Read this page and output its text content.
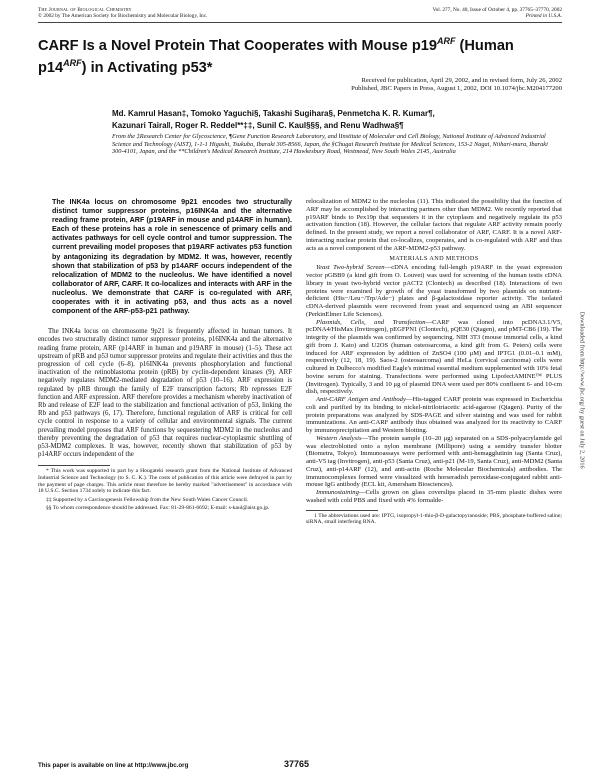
The Journal of Biological Chemistry
© 2002 by The American Society for Biochemistry and Molecular Biology, Inc.
Vol. 277, No. 40, Issue of October 4, pp. 37765–37770, 2002
Printed in U.S.A.
CARF Is a Novel Protein That Cooperates with Mouse $p19^{ARF}$ (Human $p14^{ARF}$) in Activating p53*
Received for publication, April 29, 2002, and in revised form, July 26, 2002
Published, JBC Papers in Press, August 1, 2002, DOI 10.1074/jbc.M204177200
Md. Kamrul Hasan‡, Tomoko Yaguchi§, Takashi Sugihara§, Penmetcha K. R. Kumar¶,
Kazunari Taira‖, Roger R. Reddel**‡‡, Sunil C. Kaul§§§, and Renu Wadhwa§¶
From the ‡Research Center for Glycoscience, ¶Gene Function Research Laboratory, and ‖Institute of Molecular and Cell Biology, National Institute of Advanced Industrial Science and Technology (AIST), 1-1-1 Higashi, Tsukuba, Ibaraki 305-8566, Japan, the §Chugai Research Institute for Medical Sciences, 153-2 Nagai, Niihari-mura, Ibaraki 300-4101, Japan, and the **Children's Medical Research Institute, 214 Hawkesbury Road, Westmead, New South Wales 2145, Australia

The INK4a locus on chromosome 9p21 encodes two structurally distinct tumor suppressor proteins, p16INK4a and the alternative reading frame protein, ARF (p19ARF in mouse and p14ARF in human). Each of these proteins has a role in senescence of primary cells and activates pathways for cell cycle control and tumor suppression. The current prevailing model proposes that p19ARF activates p53 function by antagonizing its degradation by MDM2. It was, however, recently shown that stabilization of p53 by p14ARF occurs independent of the relocalization of MDM2 to the nucleolus. We have identified a novel collaborator of ARF, CARF. It co-localizes and interacts with ARF in the nucleolus. We demonstrate that CARF is co-regulated with ARF, cooperates with it in activating p53, and thus acts as a novel component of the ARF-p53-p21 pathway.

The INK4a locus on chromosome 9p21 is frequently affected in human tumors. It encodes two structurally distinct tumor suppressor proteins, p16INK4a and the alternative reading frame protein, ARF (p14ARF in human and p19ARF in mouse) (1–5). These act upstream of pRB and p53 tumor suppressor proteins and regulate their activities and thus the progression of cell cycle (6–8). p16INK4a prevents phosphorylation and functional inactivation of the retinoblastoma protein (pRB) by cyclin-dependent kinases (9). ARF negatively regulates MDM2-mediated degradation of p53 (10–16). ARF expression is regulated by pRB through the family of E2F transcription factors; Rb represses E2F function and ARF expression. ARF therefore provides a mechanism whereby inactivation of Rb and release of E2F lead to the stabilization and functional activation of p53, linking the Rb and p53 pathways (6, 17). Therefore, functional regulation of ARF is critical for cell cycle control in response to a variety of cellular and environmental signals. The current prevailing model proposes that ARF functions by sequestering MDM2 in the nucleolus and thereby preventing the degradation of p53 that requires nuclear-cytoplasmic shuttling of p53-MDM2 complexes. It was, however, recently shown that stabilization of p53 by p14ARF occurs independent of the

* This work was supported in part by a Hougateki research grant from the National Institute of Advanced Industrial Science and Technology (to S. C. K.). The costs of publication of this article were defrayed in part by the payment of page charges. This article must therefore be hereby marked "advertisement" in accordance with 18 U.S.C. Section 1734 solely to indicate this fact.

‡‡ Supported by a Carcinogenesis Fellowship from the New South Wales Cancer Council.

§§ To whom correspondence should be addressed. Fax: 81-29-861-6692; E-mail: s-kaul@aist.go.jp.

relocalization of MDM2 to the nucleolus (11). This indicated the possibility that the function of ARF may be accomplished by interacting partners other than MDM2. We recently reported that p19ARF binds to Pex19p that sequesters it in the cytoplasm and negatively regulate its p53 activation function (18). However, the cellular factors that regulate ARF activity remain poorly defined. In the present study, we report a novel collaborator of ARF, CARF. It is a novel ARF-interacting nuclear protein that co-localizes, cooperates, and is co-regulated with ARF and thus acts as a novel component of the ARF-MDM2-p53 pathway.

MATERIALS AND METHODS

Yeast Two-hybrid Screen—cDNA encoding full-length p19ARF in the yeast expression vector pGBB9 (a kind gift from O. Louvet) was used for screening of the human testis cDNA library in yeast two-hybrid vector pACT2 (Clontech) as described (18). Interactions of two proteins were examined by growth of the yeast transformed by two plasmids on nutrient-deficient (His−/Leu−/Trp/Ade−) plates and β-galactosidase reporter activity. The isolated cDNA-derived plasmids were recovered from yeast and sequenced using an ABI sequencer (PerkinElmer Life Sciences).

Plasmids, Cells, and Transfection—CARF was cloned into pcDNA3.1/V5, pcDNA4/HisMax (Invitrogen), pEGFPN1 (Clontech), pQE30 (Qiagen), and pMT-CB6 (19). The integrity of the plasmids was confirmed by sequencing. NIH 3T3 (mouse immortal cells, a kind gift from J. Kato) and U2OS (human osteosarcoma, a kind gift from G. Peters) cells were induced for ARF expression by addition of ZnSO4 (100 μM) and IPTG1 (0.01–0.1 mM), respectively (12, 18, 19). Saos-2 (osteosarcoma) and HeLa (cervical carcinoma) cells were cultured in Dulbecco's modified Eagle's minimal essential medium supplemented with 10% fetal bovine serum for staining. Transfections were performed using LipofectAMINE™ PLUS (Invitrogen). Typically, 3 and 10 μg of plasmid DNA were used per 80% confluent 6- and 10-cm dish, respectively.

Anti-CARF Antigen and Antibody—His-tagged CARF protein was expressed in Escherichia coli and purified by its binding to nickel-nitrilotriacetic acid-agarose (Qiagen). Purity of the protein preparations was analyzed by SDS-PAGE and silver staining and was used for rabbit immunizations. An anti-CARF antibody thus obtained was analyzed for its reactivity to CARF by immunoprecipitation and Western blotting.

Western Analysis—The protein sample (10–20 μg) separated on a SDS-polyacrylamide gel was electroblotted onto a nylon membrane (Millipore) using a semidry transfer blotter (Biometra, Tokyo). Immunoassays were performed with anti-hemagglutinin tag (Santa Cruz), anti-V5 tag (Invitrogen), anti-p53 (Santa Cruz), anti-p21 (M-19, Santa Cruz), anti-MDM2 (Santa Cruz), anti-p14ARF (12), and anti-actin (Roche Molecular Biochemicals) antibodies. The immunocomplexes formed were visualized with horseradish peroxidase-conjugated rabbit anti-mouse IgG antibody (ECL kit, Amersham Biosciences).

Immunostaining—Cells grown on glass coverslips placed in 35-mm plastic dishes were washed with cold PBS and fixed with 4% formalde-

1 The abbreviations used are: IPTG, isopropyl-1-thio-β-D-galactopyranoside; PBS, phosphate-buffered saline; siRNA, small interfering RNA.

Downloaded from http://www.jbc.org/ by guest on July 2, 2016
This paper is available on line at http://www.jbc.org	37765
